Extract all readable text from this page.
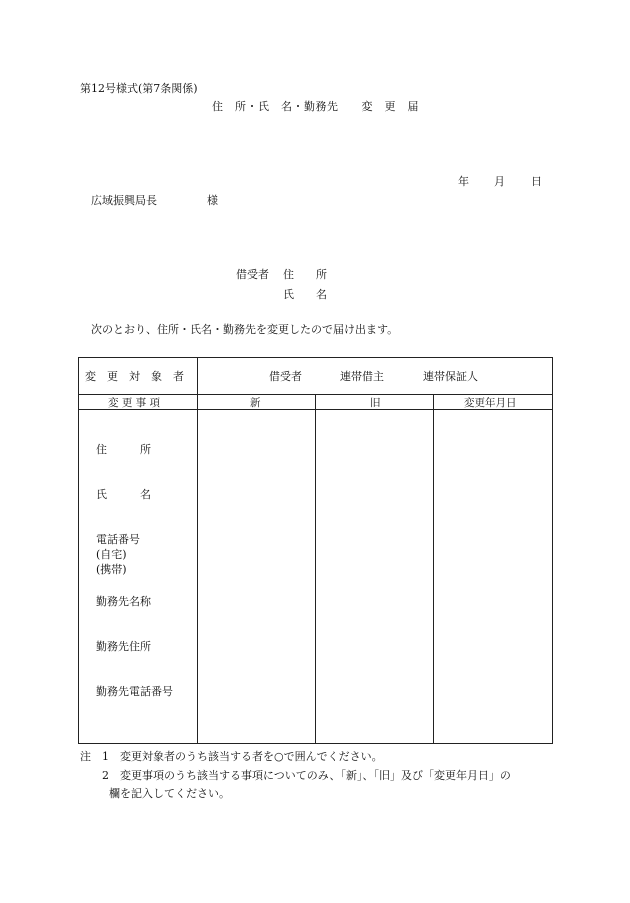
第12号様式(第7条関係)
住　所・氏　名・勤務先　　変　更　届
年 月 日
広域振興局長	様
借受者 住　　所
氏　　名
次のとおり、住所・氏名・勤務先を変更したので届け出ます。
変　更　対　象　者	借受者	連帯借主	連帯保証人
変 更 事 項	新	旧	変更年月日
住　　　所
氏　　　名
電話番号
(自宅)
(携帯)
勤務先名称
勤務先住所
勤務先電話番号
注 1 変更対象者のうち該当する者を○で囲んでください。
2 変更事項のうち該当する事項についてのみ、「新」、「旧」及び「変更年月日」の
欄を記入してください。
